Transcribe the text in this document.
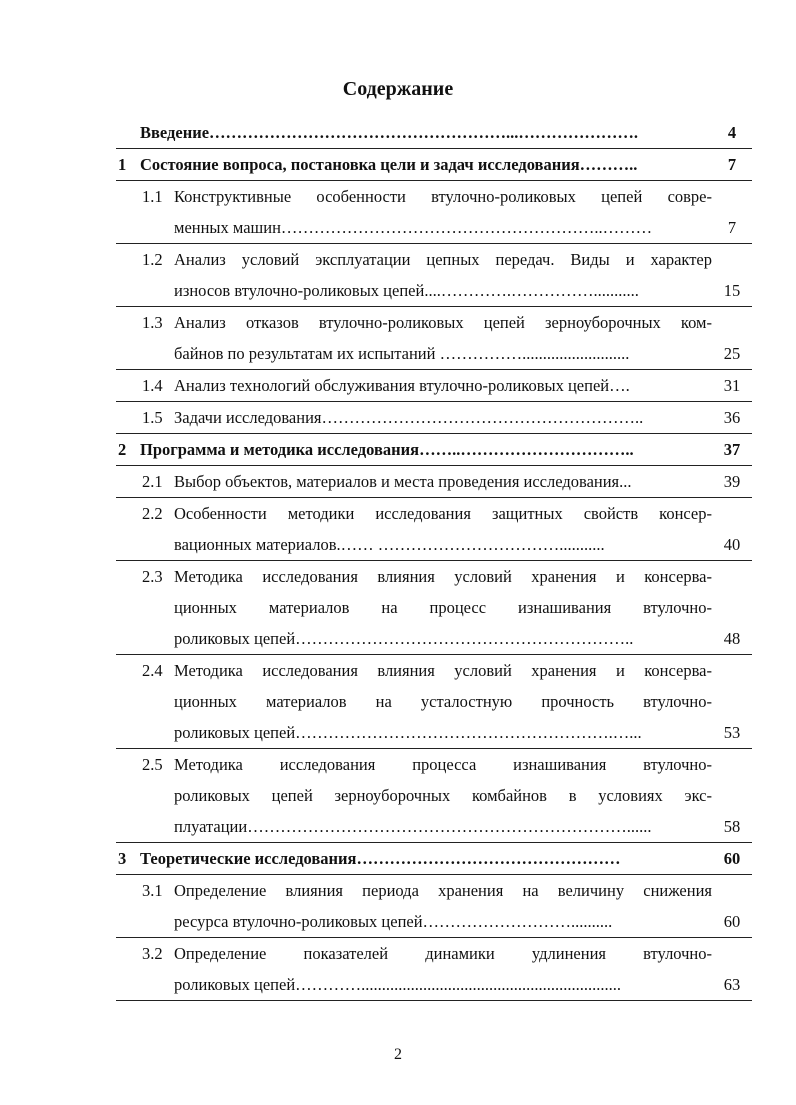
Содержание
Введение………………………………………………...………………….	4
1 Состояние вопроса, постановка цели и задач исследования………..	7

1.1 Конструктивные особенности втулочно-роликовых цепей совре-
менных машин…………………………………………………..………	7

1.2 Анализ условий эксплуатации цепных передач. Виды и характер
износов втулочно-роликовых цепей....………….……………...........	15

1.3 Анализ отказов втулочно-роликовых цепей зерноуборочных ком-
байнов по результатам их испытаний ……………..........................	25

1.4 Анализ технологий обслуживания втулочно-роликовых цепей….	31

1.5 Задачи исследования…………………………………………………..	36
2 Программа и методика исследования……..…………………………..	37

2.1 Выбор объектов, материалов и места проведения исследования...	39

2.2 Особенности методики исследования защитных свойств консер-
вационных материалов.…… ……………………………...........	40

2.3 Методика исследования влияния условий хранения и консерва-
ционных материалов на процесс изнашивания втулочно-
роликовых цепей……………………………………………………..	48

2.4 Методика исследования влияния условий хранения и консерва-
ционных материалов на усталостную прочность втулочно-
роликовых цепей………………………………………………….…...	53

2.5 Методика исследования процесса изнашивания втулочно-
роликовых цепей зерноуборочных комбайнов в условиях экс-
плуатации……………………………………………………………......	58
3 Теоретические исследования…………………………………………	60

3.1 Определение влияния периода хранения на величину снижения
ресурса втулочно-роликовых цепей………………………..........	60

3.2 Определение показателей динамики удлинения втулочно-
роликовых цепей…………...............................................................	63
2
